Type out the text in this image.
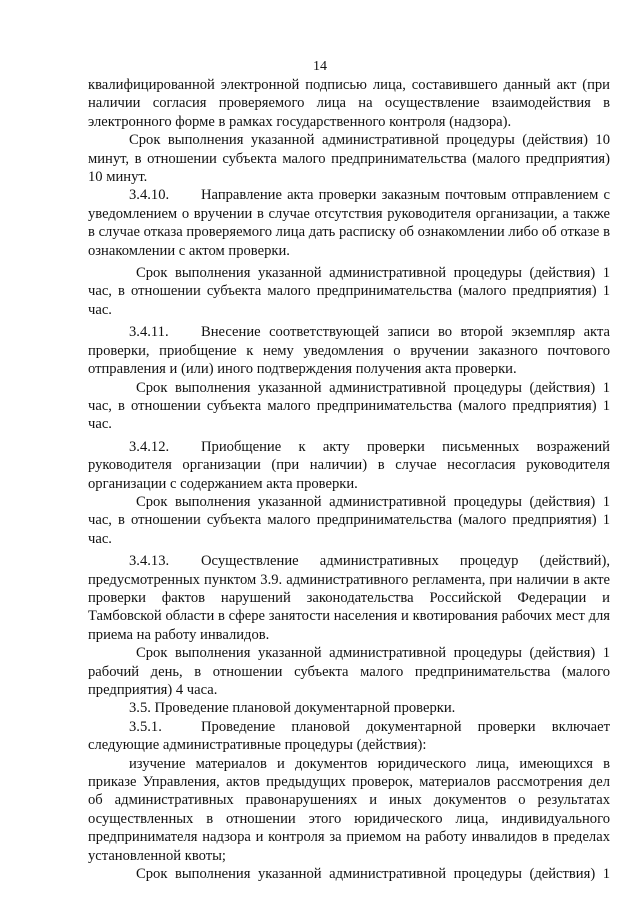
14

квалифицированной электронной подписью лица, составившего данный акт (при наличии согласия проверяемого лица на осуществление взаимодействия в электронного форме в рамках государственного контроля (надзора).

Срок выполнения указанной административной процедуры (действия) 10 минут, в отношении субъекта малого предпринимательства (малого предприятия) 10 минут.

3.4.10. Направление акта проверки заказным почтовым отправлением с уведомлением о вручении в случае отсутствия руководителя организации, а также в случае отказа проверяемого лица дать расписку об ознакомлении либо об отказе в ознакомлении с актом проверки.

Срок выполнения указанной административной процедуры (действия) 1 час, в отношении субъекта малого предпринимательства (малого предприятия) 1 час.

3.4.11. Внесение соответствующей записи во второй экземпляр акта проверки, приобщение к нему уведомления о вручении заказного почтового отправления и (или) иного подтверждения получения акта проверки.

Срок выполнения указанной административной процедуры (действия) 1 час, в отношении субъекта малого предпринимательства (малого предприятия) 1 час.

3.4.12. Приобщение к акту проверки письменных возражений руководителя организации (при наличии) в случае несогласия руководителя организации с содержанием акта проверки.

Срок выполнения указанной административной процедуры (действия) 1 час, в отношении субъекта малого предпринимательства (малого предприятия) 1 час.

3.4.13. Осуществление административных процедур (действий), предусмотренных пунктом 3.9. административного регламента, при наличии в акте проверки фактов нарушений законодательства Российской Федерации и Тамбовской области в сфере занятости населения и квотирования рабочих мест для приема на работу инвалидов.

Срок выполнения указанной административной процедуры (действия) 1 рабочий день, в отношении субъекта малого предпринимательства (малого предприятия) 4 часа.

3.5. Проведение плановой документарной проверки.

3.5.1.	Проведение плановой документарной проверки включает следующие административные процедуры (действия):

изучение материалов и документов юридического лица, имеющихся в приказе Управления, актов предыдущих проверок, материалов рассмотрения дел об административных правонарушениях и иных документов о результатах осуществленных в отношении этого юридического лица, индивидуального предпринимателя надзора и контроля за приемом на работу инвалидов в пределах установленной квоты;

Срок выполнения указанной административной процедуры (действия) 1
